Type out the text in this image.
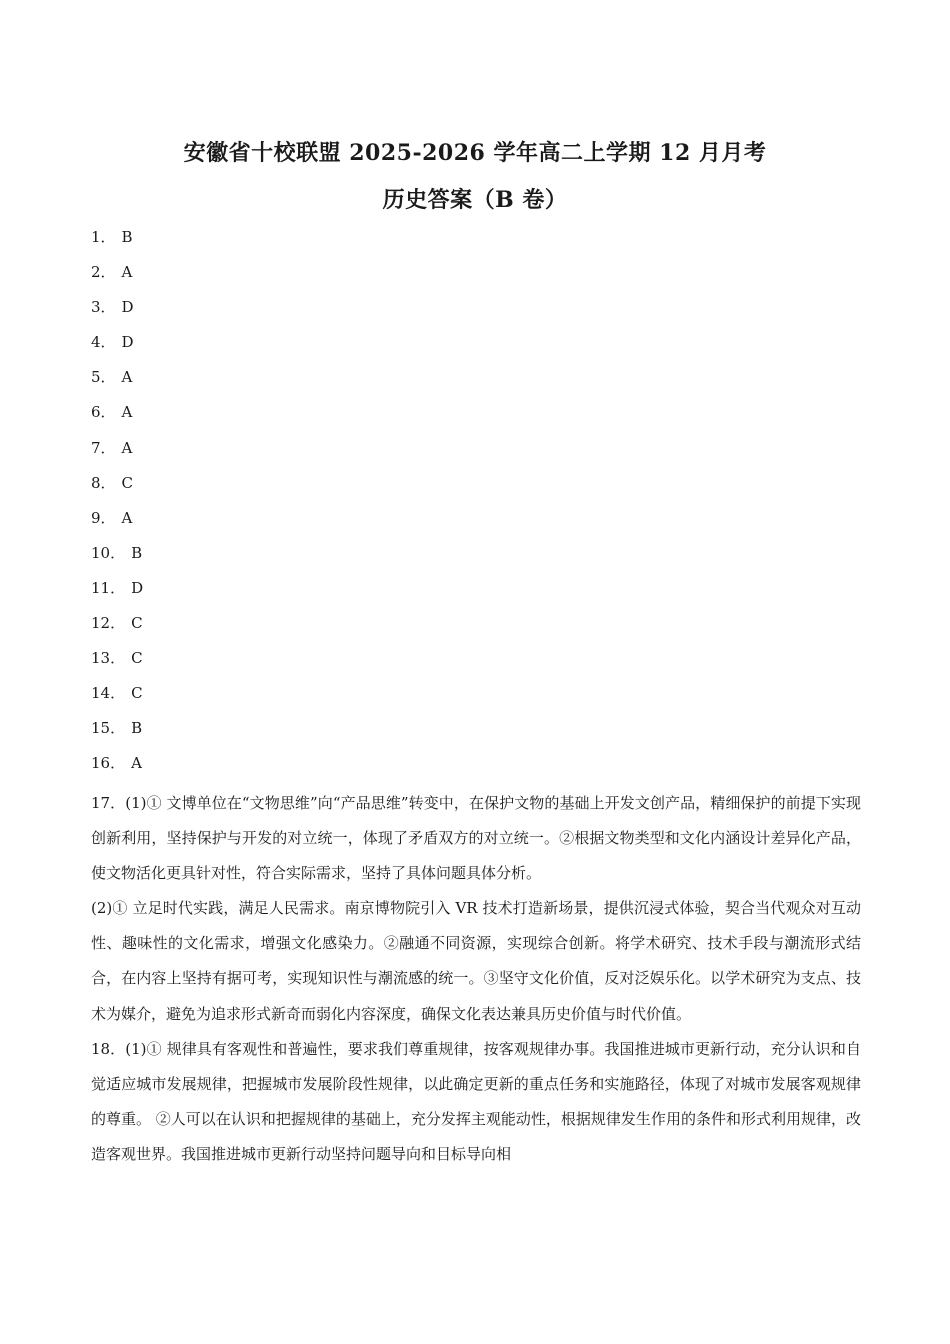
安徽省十校联盟 2025-2026 学年高二上学期 12 月月考
历史答案（B 卷）
1． B
2． A
3． D
4． D
5． A
6． A
7． A
8． C
9． A
10． B
11． D
12． C
13． C
14． C
15． B
16． A

17．(1)① 文博单位在“文物思维”向“产品思维”转变中，在保护文物的基础上开发文创产品，精细保护的前提下实现创新利用，坚持保护与开发的对立统一，体现了矛盾双方的对立统一。②根据文物类型和文化内涵设计差异化产品，使文物活化更具针对性，符合实际需求，坚持了具体问题具体分析。

(2)① 立足时代实践，满足人民需求。南京博物院引入 VR 技术打造新场景，提供沉浸式体验，契合当代观众对互动性、趣味性的文化需求，增强文化感染力。②融通不同资源，实现综合创新。将学术研究、技术手段与潮流形式结合，在内容上坚持有据可考，实现知识性与潮流感的统一。③坚守文化价值，反对泛娱乐化。以学术研究为支点、技术为媒介，避免为追求形式新奇而弱化内容深度，确保文化表达兼具历史价值与时代价值。

18．(1)① 规律具有客观性和普遍性，要求我们尊重规律，按客观规律办事。我国推进城市更新行动，充分认识和自觉适应城市发展规律，把握城市发展阶段性规律，以此确定更新的重点任务和实施路径，体现了对城市发展客观规律的尊重。 ②人可以在认识和把握规律的基础上，充分发挥主观能动性，根据规律发生作用的条件和形式利用规律，改造客观世界。我国推进城市更新行动坚持问题导向和目标导向相
